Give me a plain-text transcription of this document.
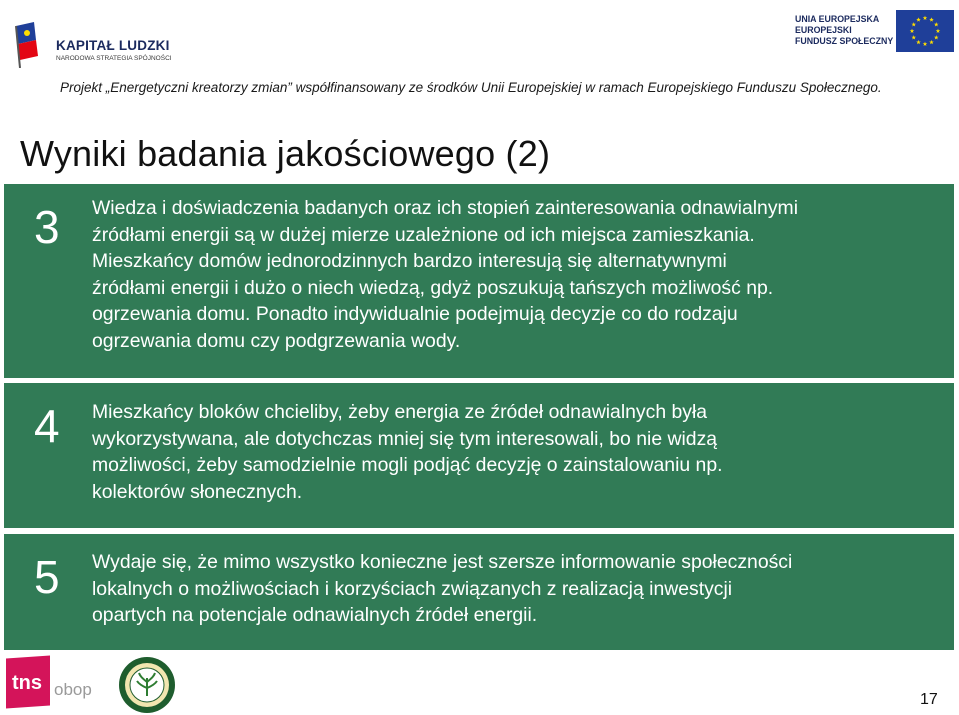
KAPITAŁ LUDZKI
NARODOWA STRATEGIA SPÓJNOŚCI
UNIA EUROPEJSKA
EUROPEJSKI
FUNDUSZ SPOŁECZNY
Projekt „Energetyczni kreatorzy zmian” współfinansowany ze środków Unii Europejskiej w ramach Europejskiego Funduszu Społecznego.
Wyniki badania jakościowego (2)
3 Wiedza i doświadczenia badanych oraz ich stopień zainteresowania odnawialnymi
źródłami energii są w dużej mierze uzależnione od ich miejsca zamieszkania.
Mieszkańcy domów jednorodzinnych bardzo interesują się alternatywnymi
źródłami energii i dużo o niech wiedzą, gdyż poszukują tańszych możliwość np.
ogrzewania domu. Ponadto indywidualnie podejmują decyzje co do rodzaju
ogrzewania domu czy podgrzewania wody.
4 Mieszkańcy bloków chcieliby, żeby energia ze źródeł odnawialnych była
wykorzystywana, ale dotychczas mniej się tym interesowali, bo nie widzą
możliwości, żeby samodzielnie mogli podjąć decyzję o zainstalowaniu np.
kolektorów słonecznych.
5 Wydaje się, że mimo wszystko konieczne jest szersze informowanie społeczności
lokalnych o możliwościach i korzyściach związanych z realizacją inwestycji
opartych na potencjale odnawialnych źródeł energii.
tns obop
17
